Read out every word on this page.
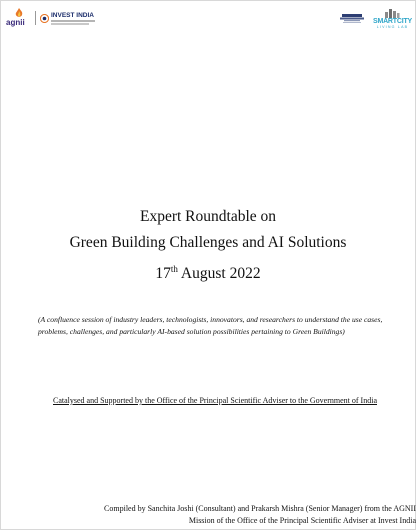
agnii
INVEST INDIA
SMARTCITY
LIVING LAB
Expert Roundtable on
Green Building Challenges and AI Solutions
17th August 2022
(A confluence session of industry leaders, technologists, innovators, and researchers to understand the use cases,
problems, challenges, and particularly AI-based solution possibilities pertaining to Green Buildings)
Catalysed and Supported by the Office of the Principal Scientific Adviser to the Government of India
Compiled by Sanchita Joshi (Consultant) and Prakarsh Mishra (Senior Manager) from the AGNII
Mission of the Office of the Principal Scientific Adviser at Invest India
